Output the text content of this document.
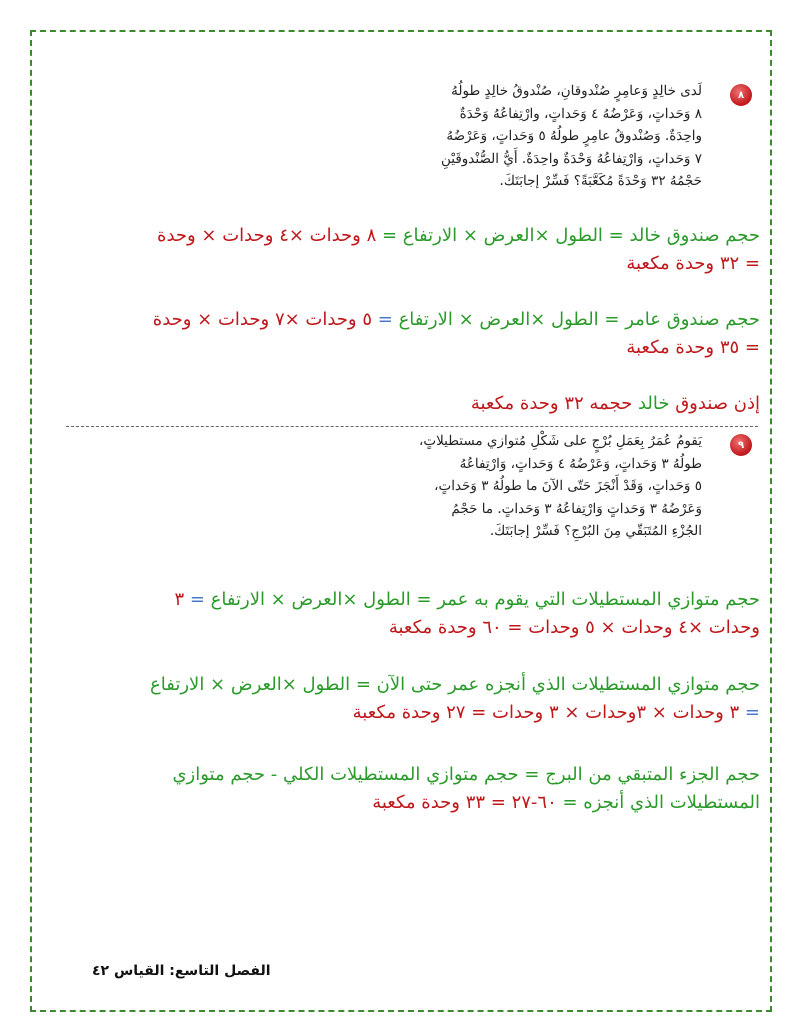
٨
لَدى خالِدٍ وَعامِرٍ صُنْدوقانِ، صُنْدوقُ خالِدٍ طولُهُ
٨ وَحَداتٍ، وَعَرْضُهُ ٤ وَحَداتٍ، وارْتِفاعُهُ وَحْدَةٌ
واحِدَةٌ. وَصُنْدوقُ عامِرٍ طولُهُ ٥ وَحَداتٍ، وَعَرْضُهُ
٧ وَحَداتٍ، وَارْتِفاعُهُ وَحْدَةٌ واحِدَةٌ. أَيُّ الصُّنْدوقَيْنِ
حَجْمُهُ ٣٢ وَحْدَةً مُكَعَّبَةً؟ فَسِّرْ إجابَتَكَ.
حجم صندوق خالد = الطول ×العرض × الارتفاع = ٨ وحدات ×٤ وحدات × وحدة
= ٣٢ وحدة مكعبة
حجم صندوق عامر = الطول ×العرض × الارتفاع = ٥ وحدات ×٧ وحدات × وحدة
= ٣٥ وحدة مكعبة
إذن صندوق خالد حجمه ٣٢ وحدة مكعبة
٩
يَقومُ عُمَرُ بِعَمَلِ بُرْجٍ على شَكْلِ مُتوازي مستطيلاتٍ،
طولُهُ ٣ وَحَداتٍ، وَعَرْضُهُ ٤ وَحَداتٍ، وَارْتِفاعُهُ
٥ وَحَداتٍ، وَقَدْ أَنْجَزَ حَتّى الآنَ ما طولُهُ ٣ وَحَداتٍ،
وَعَرْضُهُ ٣ وَحَداتٍ وَارْتِفاعُهُ ٣ وَحَداتٍ. ما حَجْمُ
الجُزْءِ المُتَبَقّي مِنَ البُرْجِ؟ فَسِّرْ إجابَتَكَ.
حجم متوازي المستطيلات التي يقوم به عمر = الطول ×العرض × الارتفاع = ٣
وحدات ×٤ وحدات × ٥ وحدات = ٦٠ وحدة مكعبة
حجم متوازي المستطيلات الذي أنجزه عمر حتى الآن = الطول ×العرض × الارتفاع
= ٣ وحدات × ٣وحدات × ٣ وحدات = ٢٧ وحدة مكعبة
حجم الجزء المتبقي من البرج = حجم متوازي المستطيلات الكلي - حجم متوازي
المستطيلات الذي أنجزه = ٦٠-٢٧ = ٣٣ وحدة مكعبة
الفصل التاسع: القياس ٤٢
